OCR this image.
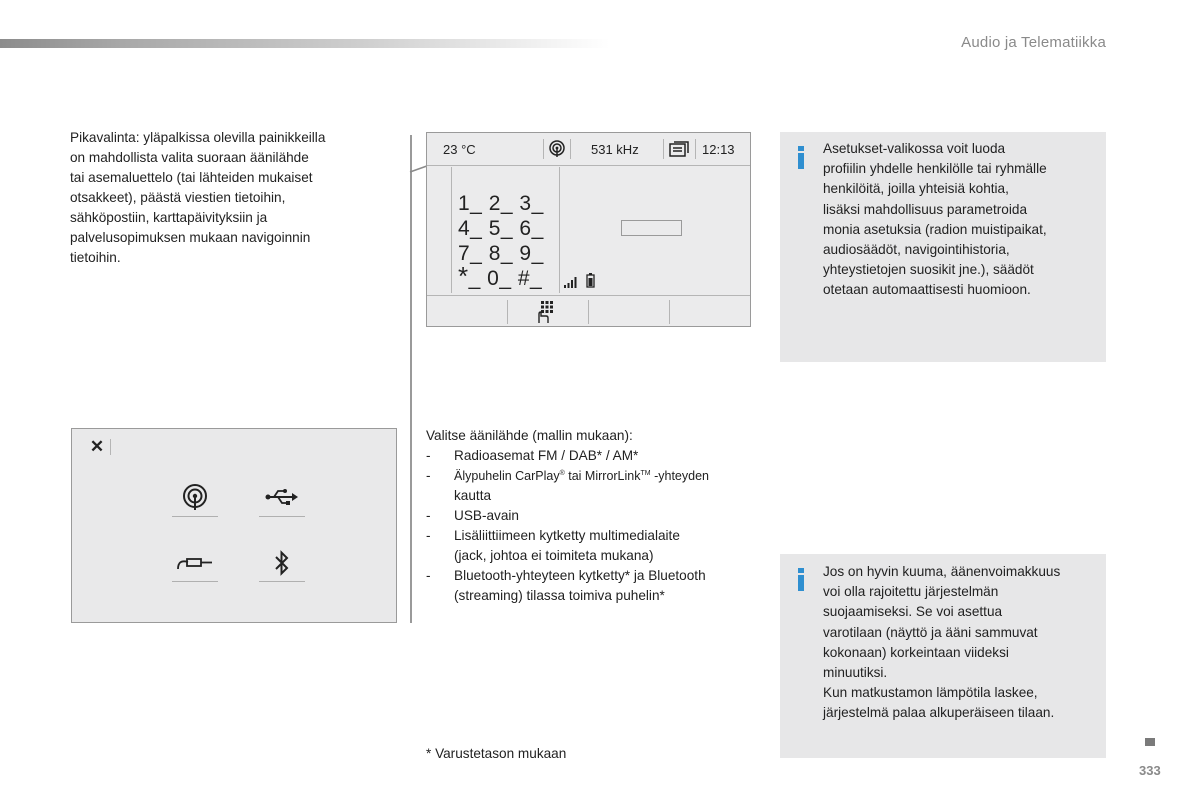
Audio ja Telematiikka
Pikavalinta: yläpalkissa olevilla painikkeilla
on mahdollista valita suoraan äänilähde
tai asemaluettelo (tai lähteiden mukaiset
otsakkeet), päästä viestien tietoihin,
sähköpostiin, karttapäivityksiin ja
palvelusopimuksen mukaan navigoinnin
tietoihin.
✕
23 °C	531 kHz	12:13
1_ 2_ 3_
4_ 5_ 6_
7_ 8_ 9_
*_ 0_ #_
Valitse äänilähde (mallin mukaan):
- Radioasemat FM / DAB* / AM*
- Älypuhelin CarPlay® tai MirrorLink™ -yhteyden
kautta
- USB-avain
- Lisäliittiimeen kytketty multimedialaite
(jack, johtoa ei toimiteta mukana)
- Bluetooth-yhteyteen kytketty* ja Bluetooth
(streaming) tilassa toimiva puhelin*
* Varustetason mukaan
Asetukset-valikossa voit luoda
profiilin yhdelle henkilölle tai ryhmälle
henkilöitä, joilla yhteisiä kohtia,
lisäksi mahdollisuus parametroida
monia asetuksia (radion muistipaikat,
audiosäädöt, navigointihistoria,
yhteystietojen suosikit jne.), säädöt
otetaan automaattisesti huomioon.
Jos on hyvin kuuma, äänenvoimakkuus
voi olla rajoitettu järjestelmän
suojaamiseksi. Se voi asettua
varotilaan (näyttö ja ääni sammuvat
kokonaan) korkeintaan viideksi
minuutiksi.
Kun matkustamon lämpötila laskee,
järjestelmä palaa alkuperäiseen tilaan.
333
